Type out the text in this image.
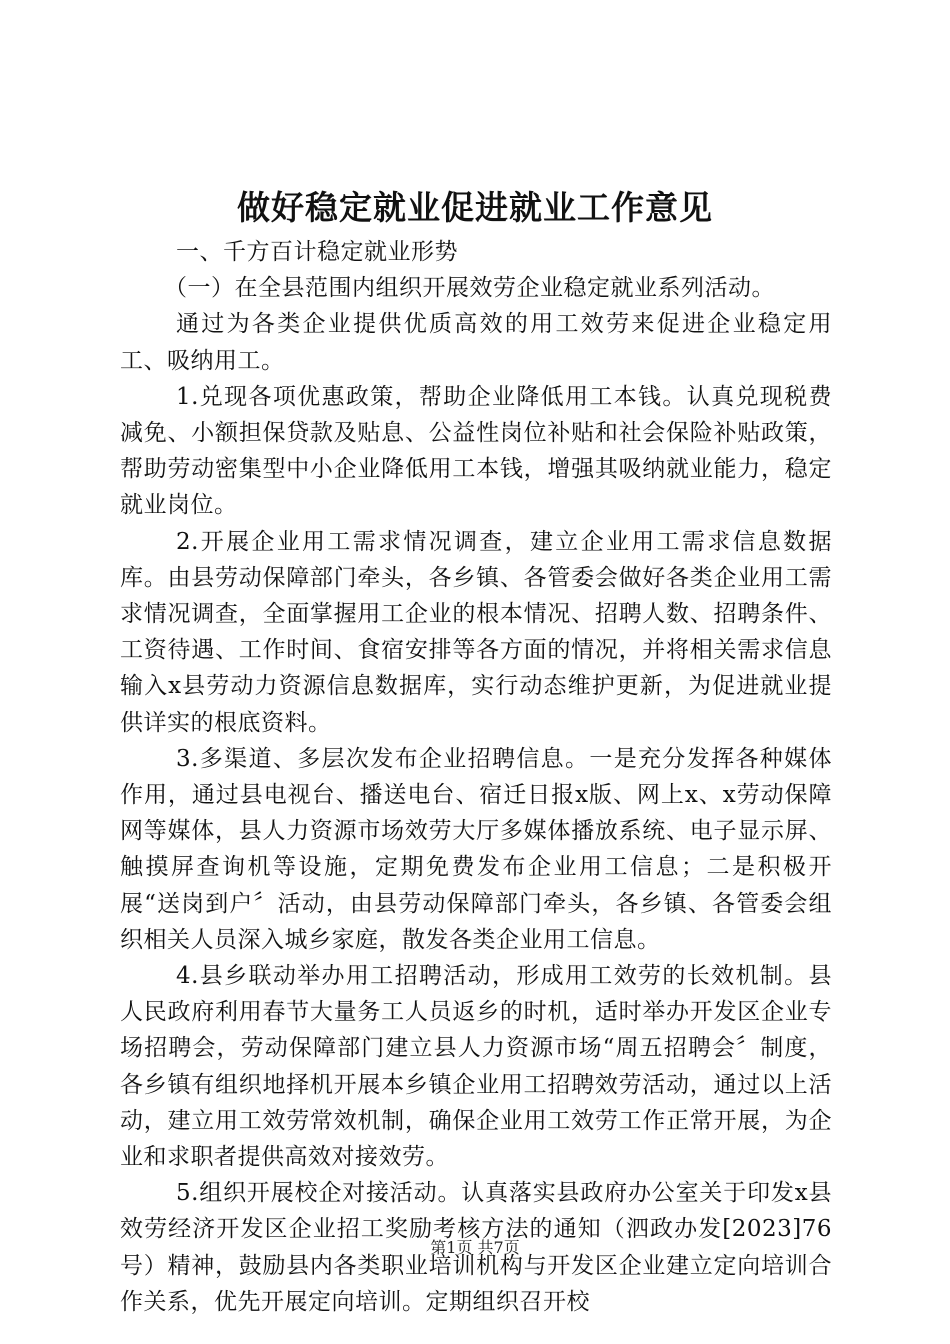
做好稳定就业促进就业工作意见

一、千方百计稳定就业形势

（一）在全县范围内组织开展效劳企业稳定就业系列活动。

通过为各类企业提供优质高效的用工效劳来促进企业稳定用工、吸纳用工。

1.兑现各项优惠政策，帮助企业降低用工本钱。认真兑现税费减免、小额担保贷款及贴息、公益性岗位补贴和社会保险补贴政策，帮助劳动密集型中小企业降低用工本钱，增强其吸纳就业能力，稳定就业岗位。

2.开展企业用工需求情况调查，建立企业用工需求信息数据库。由县劳动保障部门牵头，各乡镇、各管委会做好各类企业用工需求情况调查，全面掌握用工企业的根本情况、招聘人数、招聘条件、工资待遇、工作时间、食宿安排等各方面的情况，并将相关需求信息输入x县劳动力资源信息数据库，实行动态维护更新，为促进就业提供详实的根底资料。

3.多渠道、多层次发布企业招聘信息。一是充分发挥各种媒体作用，通过县电视台、播送电台、宿迁日报x版、网上x、x劳动保障网等媒体，县人力资源市场效劳大厅多媒体播放系统、电子显示屏、触摸屏查询机等设施，定期免费发布企业用工信息；二是积极开展“送岗到户〞活动，由县劳动保障部门牵头，各乡镇、各管委会组织相关人员深入城乡家庭，散发各类企业用工信息。

4.县乡联动举办用工招聘活动，形成用工效劳的长效机制。县人民政府利用春节大量务工人员返乡的时机，适时举办开发区企业专场招聘会，劳动保障部门建立县人力资源市场“周五招聘会〞制度，各乡镇有组织地择机开展本乡镇企业用工招聘效劳活动，通过以上活动，建立用工效劳常效机制，确保企业用工效劳工作正常开展，为企业和求职者提供高效对接效劳。

5.组织开展校企对接活动。认真落实县政府办公室关于印发x县效劳经济开发区企业招工奖励考核方法的通知（泗政办发[2023]76号）精神，鼓励县内各类职业培训机构与开发区企业建立定向培训合作关系，优先开展定向培训。定期组织召开校

第1页 共7页
